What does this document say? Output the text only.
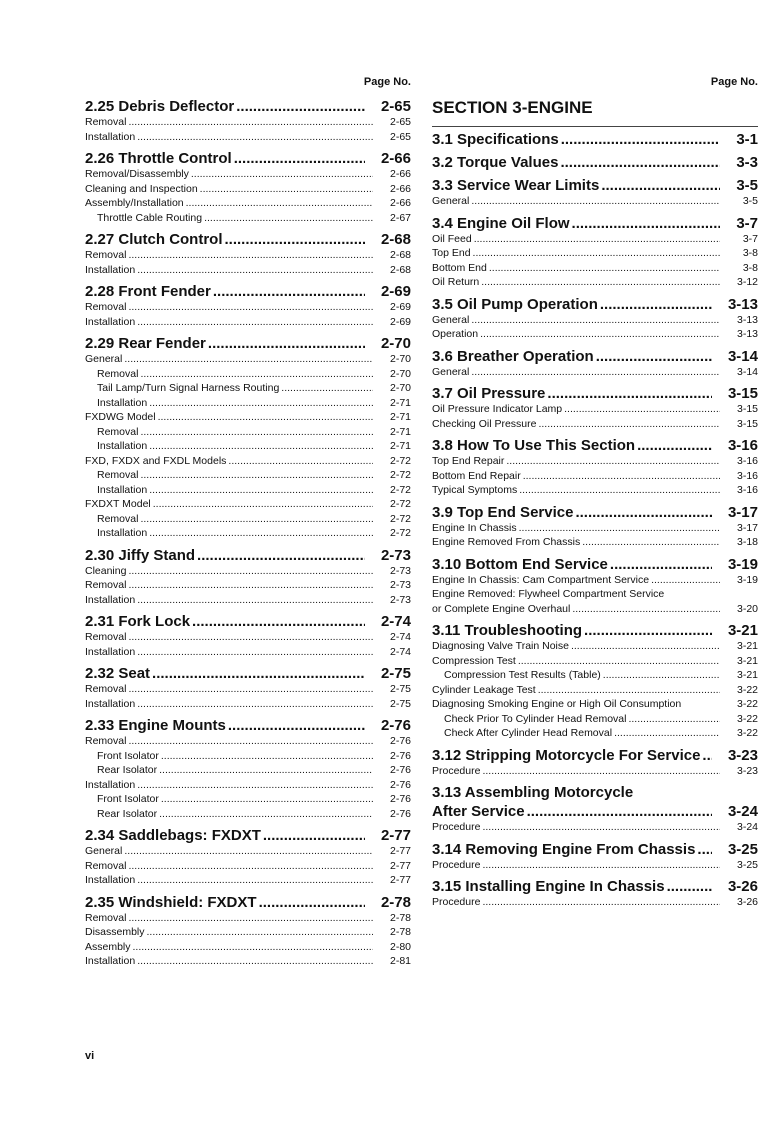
Page No.
2.25 Debris Deflector .....	2-65
Removal .....	2-65
Installation .....	2-65
2.26 Throttle Control .....	2-66
Removal/Disassembly .....	2-66
Cleaning and Inspection .....	2-66
Assembly/Installation .....	2-66
Throttle Cable Routing .....	2-67
2.27 Clutch Control .....	2-68
Removal .....	2-68
Installation .....	2-68
2.28 Front Fender .....	2-69
Removal .....	2-69
Installation .....	2-69
2.29 Rear Fender .....	2-70
General .....	2-70
Removal .....	2-70
Tail Lamp/Turn Signal Harness Routing .....	2-70
Installation .....	2-71
FXDWG Model .....	2-71
Removal .....	2-71
Installation .....	2-71
FXD, FXDX and FXDL Models .....	2-72
Removal .....	2-72
Installation .....	2-72
FXDXT Model .....	2-72
Removal .....	2-72
Installation .....	2-72
2.30 Jiffy Stand .....	2-73
Cleaning .....	2-73
Removal .....	2-73
Installation .....	2-73
2.31 Fork Lock .....	2-74
Removal .....	2-74
Installation .....	2-74
2.32 Seat .....	2-75
Removal .....	2-75
Installation .....	2-75
2.33 Engine Mounts .....	2-76
Removal .....	2-76
Front Isolator .....	2-76
Rear Isolator .....	2-76
Installation .....	2-76
Front Isolator .....	2-76
Rear Isolator .....	2-76
2.34 Saddlebags: FXDXT .....	2-77
General .....	2-77
Removal .....	2-77
Installation .....	2-77
2.35 Windshield: FXDXT .....	2-78
Removal .....	2-78
Disassembly .....	2-78
Assembly .....	2-80
Installation .....	2-81
Page No.
SECTION 3-ENGINE
3.1 Specifications .....	3-1
3.2 Torque Values .....	3-3
3.3 Service Wear Limits .....	3-5
General .....	3-5
3.4 Engine Oil Flow .....	3-7
Oil Feed .....	3-7
Top End .....	3-8
Bottom End .....	3-8
Oil Return .....	3-12
3.5 Oil Pump Operation .....	3-13
General .....	3-13
Operation .....	3-13
3.6 Breather Operation .....	3-14
General .....	3-14
3.7 Oil Pressure .....	3-15
Oil Pressure Indicator Lamp .....	3-15
Checking Oil Pressure .....	3-15
3.8 How To Use This Section .....	3-16
Top End Repair .....	3-16
Bottom End Repair .....	3-16
Typical Symptoms .....	3-16
3.9 Top End Service .....	3-17
Engine In Chassis .....	3-17
Engine Removed From Chassis .....	3-18
3.10 Bottom End Service .....	3-19
Engine In Chassis: Cam Compartment Service .....	3-19
Engine Removed: Flywheel Compartment Service
or Complete Engine Overhaul .....	3-20
3.11 Troubleshooting .....	3-21
Diagnosing Valve Train Noise .....	3-21
Compression Test .....	3-21
Compression Test Results (Table) .....	3-21
Cylinder Leakage Test .....	3-22
Diagnosing Smoking Engine or High Oil Consumption	3-22
Check Prior To Cylinder Head Removal .....	3-22
Check After Cylinder Head Removal .....	3-22
3.12 Stripping Motorcycle For Service ..... 3-23
Procedure .....	3-23
3.13 Assembling Motorcycle
After Service .....	3-24
Procedure .....	3-24
3.14 Removing Engine From Chassis ..... 3-25
Procedure .....	3-25
3.15 Installing Engine In Chassis .....	3-26
Procedure .....	3-26
vi
